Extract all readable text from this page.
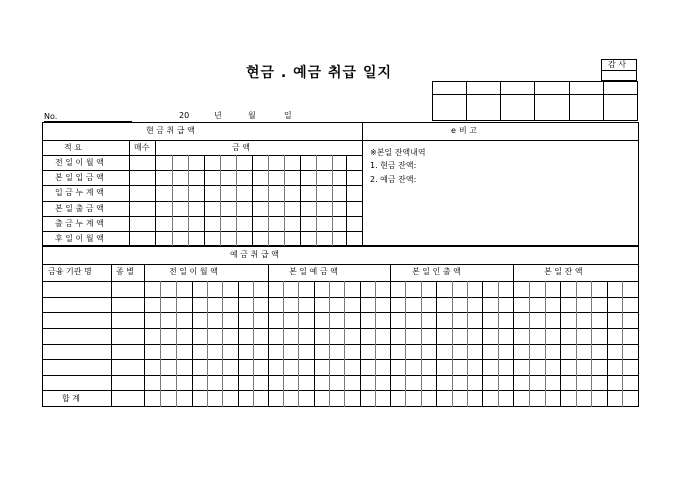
현금 . 예금 취급 일지
감 사
No.	20	년	월	일
현 금 취 급 액	e 비 고
적 요	매수	금 액
전 일 이 월 액
본 일 입 금 액
입 금 누 계 액
본 일 출 금 액
출 금 누 계 액
후 일 이 월 액
※본일 잔액내역
1. 현금 잔액:
2. 예금 잔액:
예 금 취 급 액
금융 기관 명	종 별	전 일 이 월 액	본 일 예 금 액	본 일 인 출 액	본 일 잔 액
합 계
